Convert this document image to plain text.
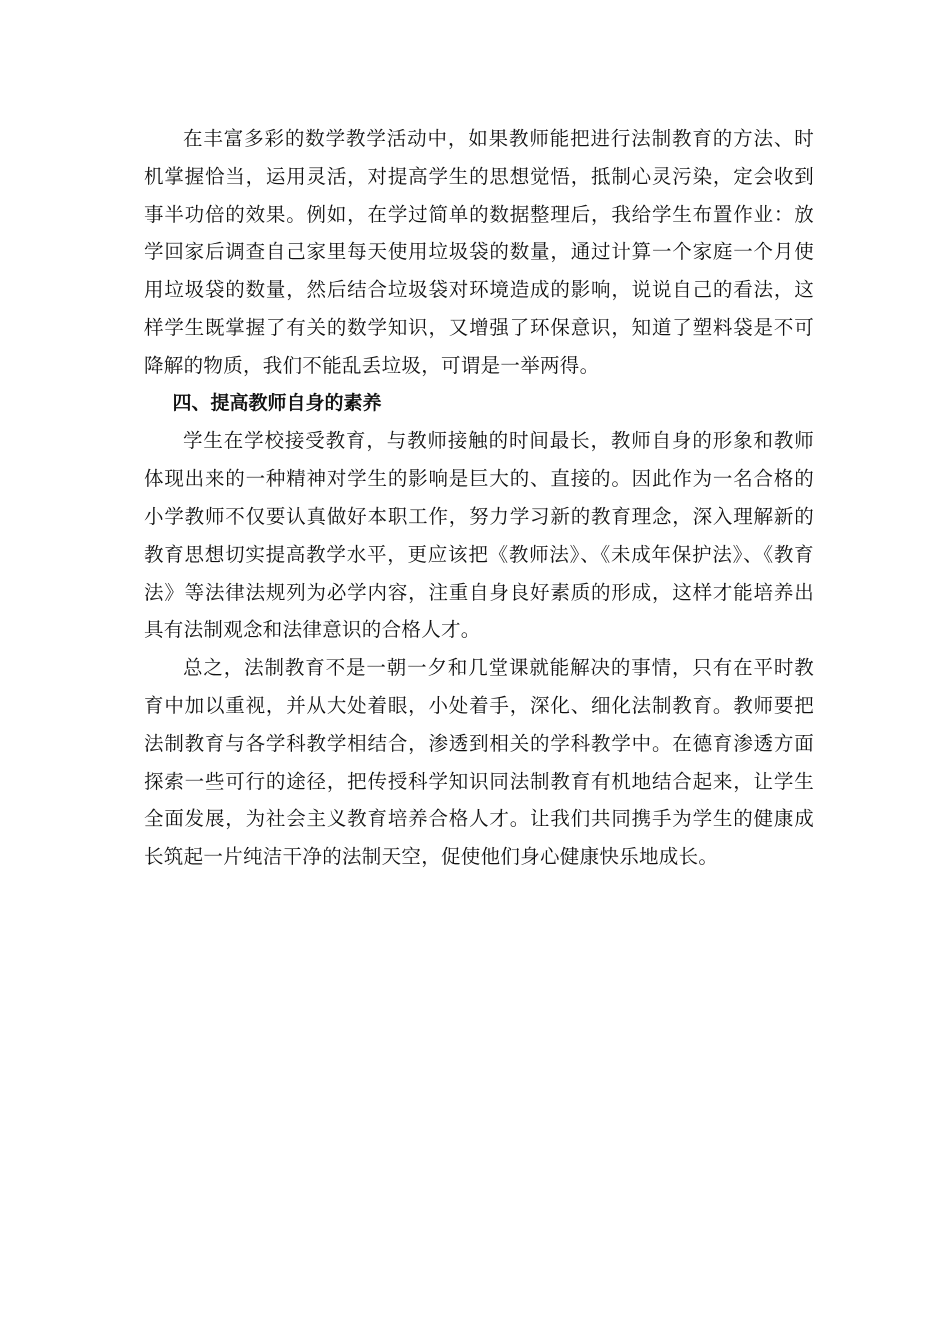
在丰富多彩的数学教学活动中，如果教师能把进行法制教育的方法、时机掌握恰当，运用灵活，对提高学生的思想觉悟，抵制心灵污染，定会收到事半功倍的效果。例如，在学过简单的数据整理后，我给学生布置作业：放学回家后调查自己家里每天使用垃圾袋的数量，通过计算一个家庭一个月使用垃圾袋的数量，然后结合垃圾袋对环境造成的影响，说说自己的看法，这样学生既掌握了有关的数学知识，又增强了环保意识，知道了塑料袋是不可降解的物质，我们不能乱丢垃圾，可谓是一举两得。

四、提高教师自身的素养

学生在学校接受教育，与教师接触的时间最长，教师自身的形象和教师体现出来的一种精神对学生的影响是巨大的、直接的。因此作为一名合格的小学教师不仅要认真做好本职工作，努力学习新的教育理念，深入理解新的教育思想切实提高教学水平，更应该把《教师法》、《未成年保护法》、《教育法》等法律法规列为必学内容，注重自身良好素质的形成，这样才能培养出具有法制观念和法律意识的合格人才。

总之，法制教育不是一朝一夕和几堂课就能解决的事情，只有在平时教育中加以重视，并从大处着眼，小处着手，深化、细化法制教育。教师要把法制教育与各学科教学相结合，渗透到相关的学科教学中。在德育渗透方面探索一些可行的途径，把传授科学知识同法制教育有机地结合起来，让学生全面发展，为社会主义教育培养合格人才。让我们共同携手为学生的健康成长筑起一片纯洁干净的法制天空，促使他们身心健康快乐地成长。
